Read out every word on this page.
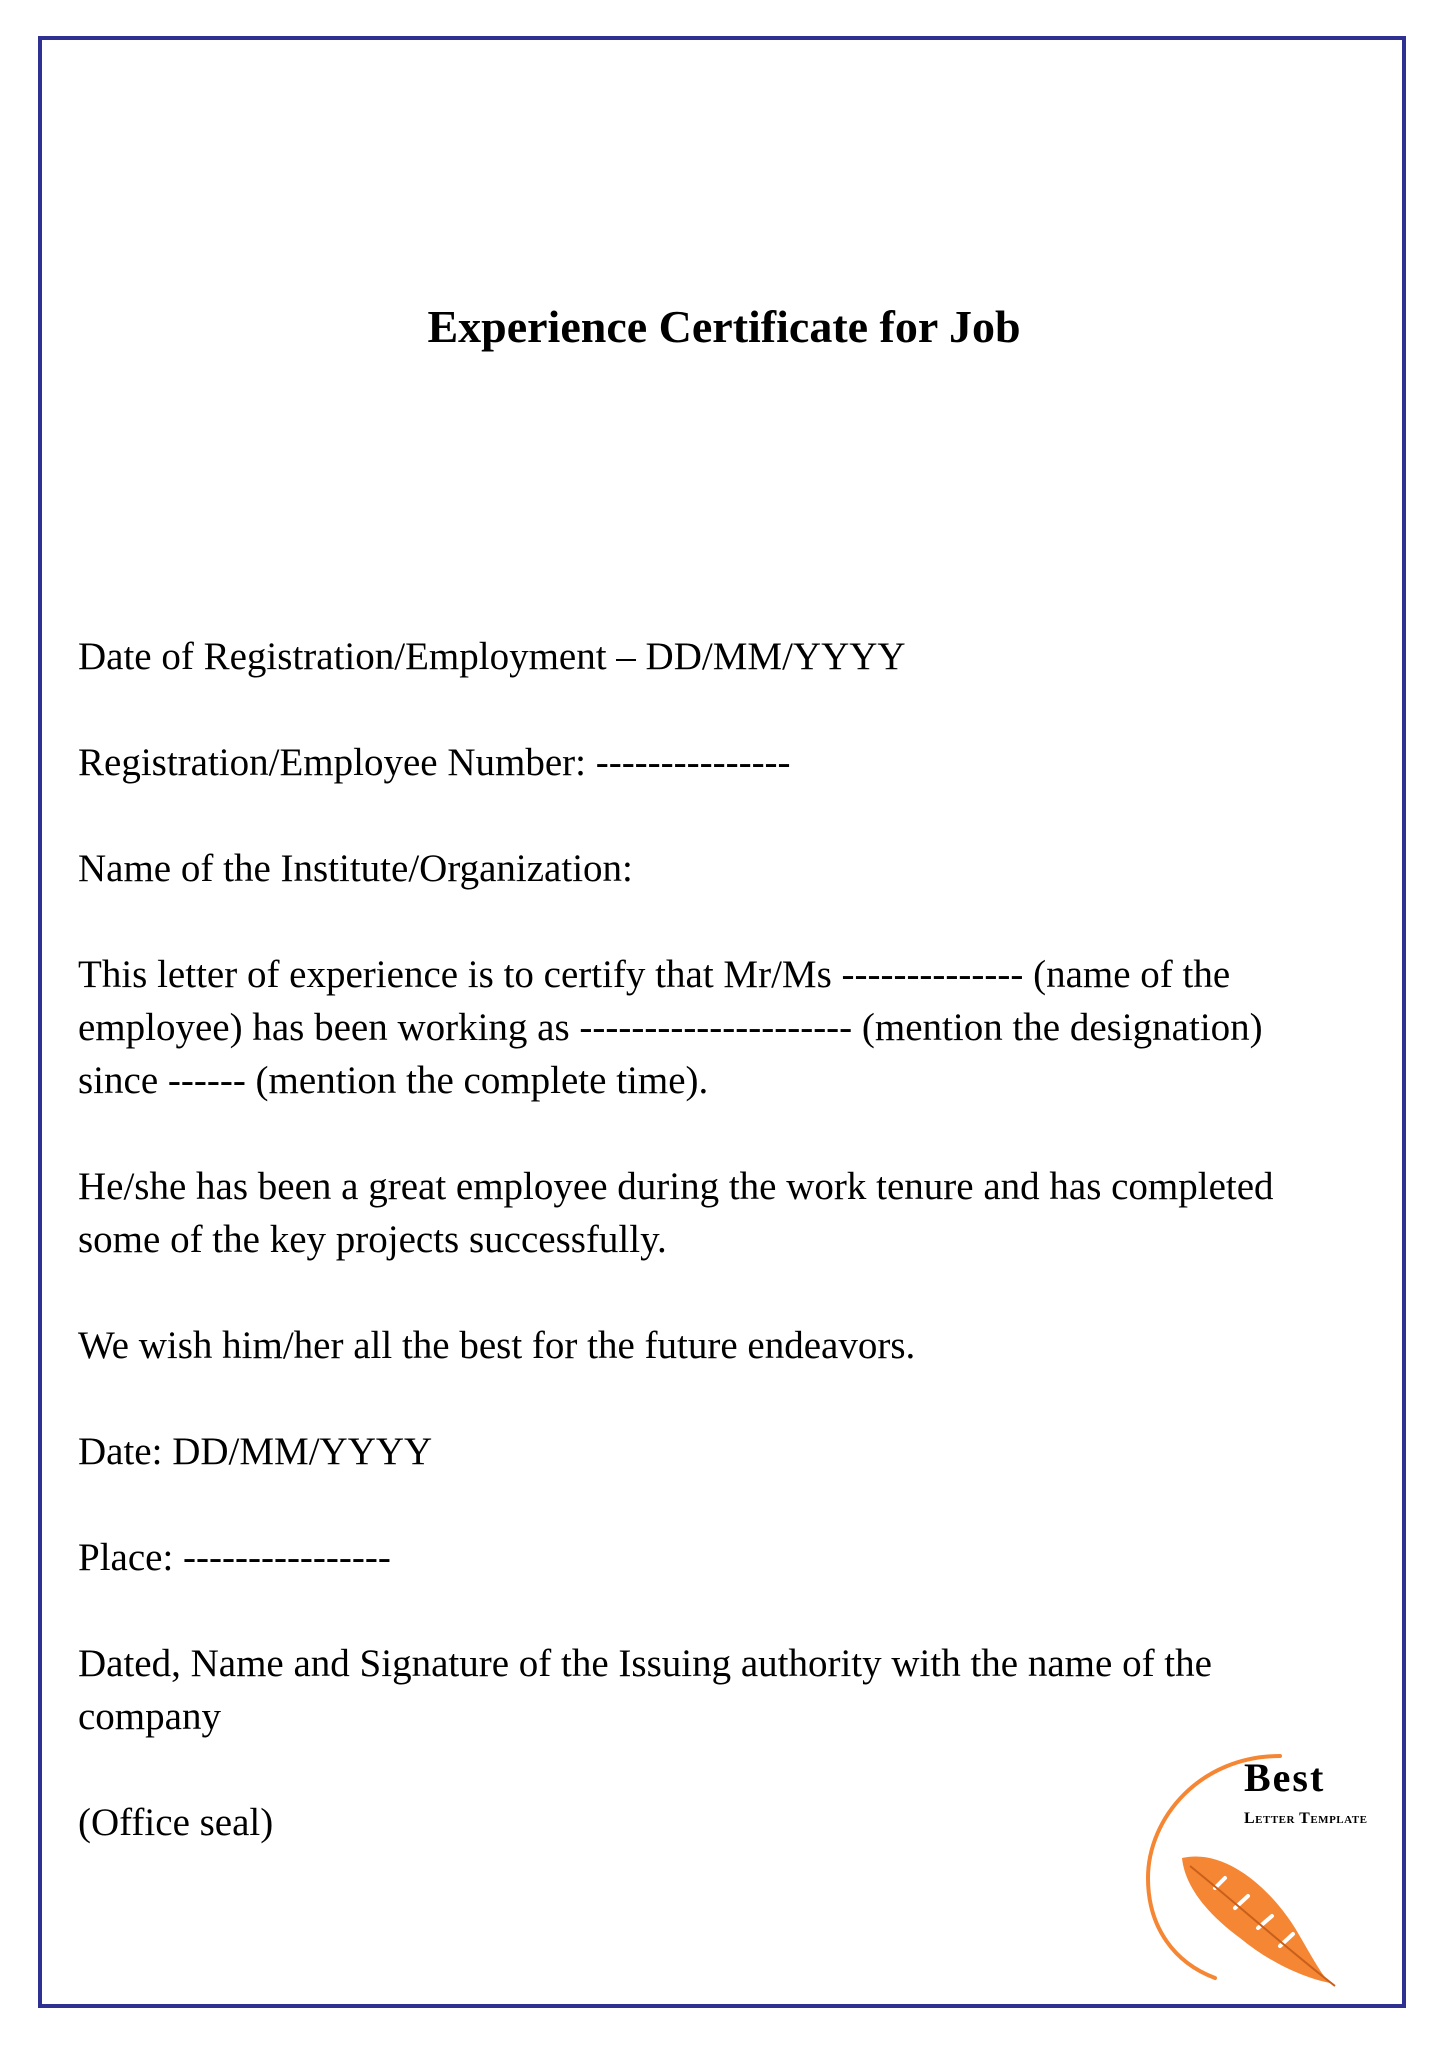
Experience Certificate for Job

Date of Registration/Employment – DD/MM/YYYY

Registration/Employee Number: ---------------

Name of the Institute/Organization:

This letter of experience is to certify that Mr/Ms -------------- (name of the employee) has been working as --------------------- (mention the designation) since ------ (mention the complete time).

He/she has been a great employee during the work tenure and has completed some of the key projects successfully.

We wish him/her all the best for the future endeavors.

Date: DD/MM/YYYY

Place: ----------------

Dated, Name and Signature of the Issuing authority with the name of the company

(Office seal)

Best
Letter Template
